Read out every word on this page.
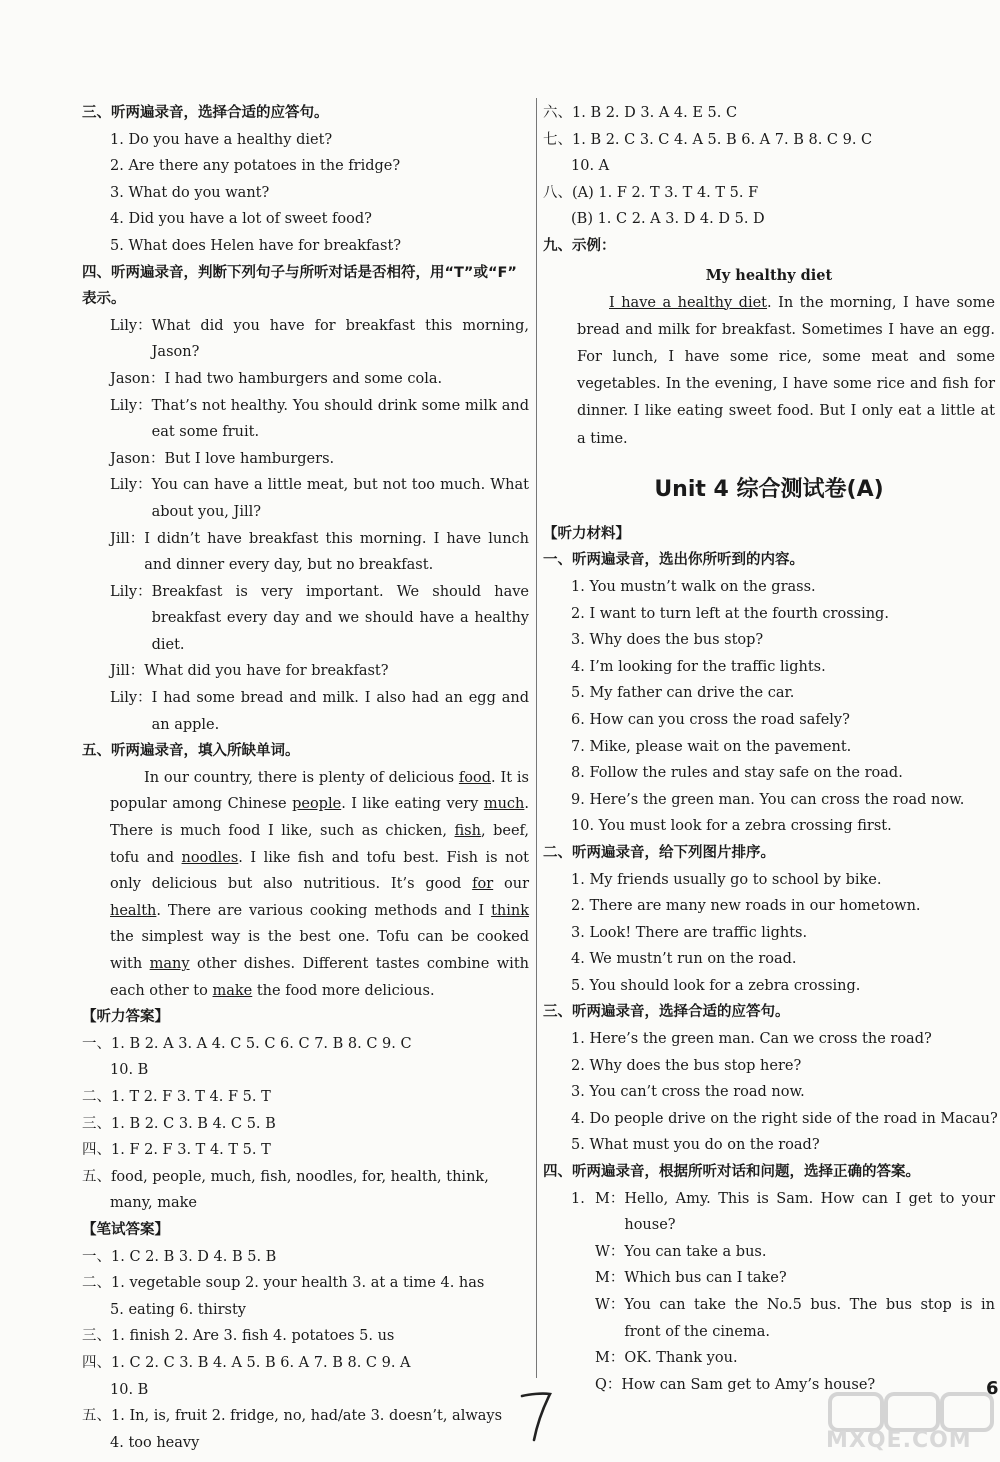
三、听两遍录音，选择合适的应答句。
1. Do you have a healthy diet?
2. Are there any potatoes in the fridge?
3. What do you want?
4. Did you have a lot of sweet food?
5. What does Helen have for breakfast?
四、听两遍录音，判断下列句子与所听对话是否相符，用“T”或“F”
表示。
Lily： What did you have for breakfast this morning, Jason?
Jason： I had two hamburgers and some cola.
Lily： That’s not healthy. You should drink some milk and eat some fruit.
Jason： But I love hamburgers.
Lily： You can have a little meat, but not too much. What about you, Jill?
Jill： I didn’t have breakfast this morning. I have lunch and dinner every day, but no breakfast.
Lily： Breakfast is very important. We should have breakfast every day and we should have a healthy diet.
Jill： What did you have for breakfast?
Lily： I had some bread and milk. I also had an egg and an apple.
五、听两遍录音，填入所缺单词。
In our country, there is plenty of delicious food. It is popular among Chinese people. I like eating very much. There is much food I like, such as chicken, fish, beef, tofu and noodles. I like fish and tofu best. Fish is not only delicious but also nutritious. It’s good for our health. There are various cooking methods and I think the simplest way is the best one. Tofu can be cooked with many other dishes. Different tastes combine with each other to make the food more delicious.
【听力答案】
一、1. B 2. A 3. A 4. C 5. C 6. C 7. B 8. C 9. C
10. B
二、1. T 2. F 3. T 4. F 5. T
三、1. B 2. C 3. B 4. C 5. B
四、1. F 2. F 3. T 4. T 5. T
五、food, people, much, fish, noodles, for, health, think,
many, make
【笔试答案】
一、1. C 2. B 3. D 4. B 5. B
二、1. vegetable soup 2. your health 3. at a time 4. has
5. eating 6. thirsty
三、1. finish 2. Are 3. fish 4. potatoes 5. us
四、1. C 2. C 3. B 4. A 5. B 6. A 7. B 8. C 9. A
10. B
五、1. In, is, fruit 2. fridge, no, had/ate 3. doesn’t, always
4. too heavy
六、1. B 2. D 3. A 4. E 5. C
七、1. B 2. C 3. C 4. A 5. B 6. A 7. B 8. C 9. C
10. A
八、(A) 1. F 2. T 3. T 4. T 5. F
(B) 1. C 2. A 3. D 4. D 5. D
九、示例：
My healthy diet
I have a healthy diet. In the morning, I have some bread and milk for breakfast. Sometimes I have an egg. For lunch, I have some rice, some meat and some vegetables. In the evening, I have some rice and fish for dinner. I like eating sweet food. But I only eat a little at a time.
Unit 4 综合测试卷(A)
【听力材料】
一、听两遍录音，选出你所听到的内容。
1. You mustn’t walk on the grass.
2. I want to turn left at the fourth crossing.
3. Why does the bus stop?
4. I’m looking for the traffic lights.
5. My father can drive the car.
6. How can you cross the road safely?
7. Mike, please wait on the pavement.
8. Follow the rules and stay safe on the road.
9. Here’s the green man. You can cross the road now.
10. You must look for a zebra crossing first.
二、听两遍录音，给下列图片排序。
1. My friends usually go to school by bike.
2. There are many new roads in our hometown.
3. Look! There are traffic lights.
4. We mustn’t run on the road.
5. You should look for a zebra crossing.
三、听两遍录音，选择合适的应答句。
1. Here’s the green man. Can we cross the road?
2. Why does the bus stop here?
3. You can’t cross the road now.
4. Do people drive on the right side of the road in Macau?
5. What must you do on the road?
四、听两遍录音，根据所听对话和问题，选择正确的答案。
1. M： Hello, Amy. This is Sam. How can I get to your house?
W： You can take a bus.
M： Which bus can I take?
W： You can take the No.5 bus. The bus stop is in front of the cinema.
M： OK. Thank you.
Q： How can Sam get to Amy’s house?
MXQE.COM
6
